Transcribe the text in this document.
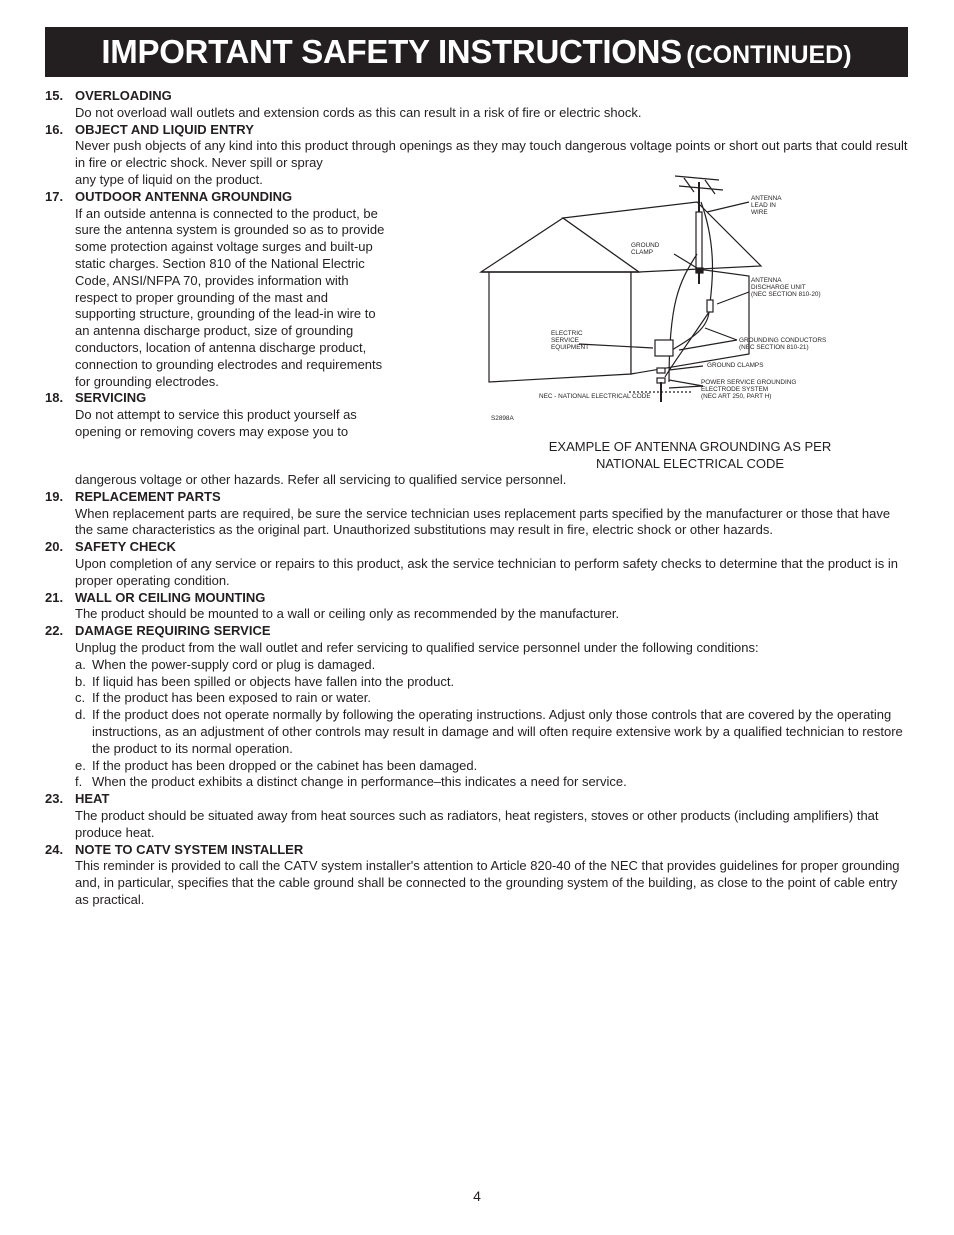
IMPORTANT SAFETY INSTRUCTIONS (CONTINUED)
15. OVERLOADING
Do not overload wall outlets and extension cords as this can result in a risk of fire or electric shock.
16. OBJECT AND LIQUID ENTRY
Never push objects of any kind into this product through openings as they may touch dangerous voltage points or short out parts that could result in fire or electric shock. Never spill or spray
ANTENNA
LEAD IN
WIRE
GROUND
CLAMP
ANTENNA
DISCHARGE UNIT
(NEC SECTION 810-20)
ELECTRIC
SERVICE
EQUIPMENT
GROUNDING CONDUCTORS
(NEC SECTION 810-21)
GROUND CLAMPS
POWER SERVICE GROUNDING
ELECTRODE SYSTEM
(NEC ART 250, PART H)
NEC - NATIONAL ELECTRICAL CODE
S2898A
EXAMPLE OF ANTENNA GROUNDING AS PER
NATIONAL ELECTRICAL CODE
any type of liquid on the product.
17. OUTDOOR ANTENNA GROUNDING
If an outside antenna is connected to the product, be sure the antenna system is grounded so as to provide some protection against voltage surges and built-up static charges. Section 810 of the National Electric Code, ANSI/NFPA 70, provides information with respect to proper grounding of the mast and supporting structure, grounding of the lead-in wire to an antenna discharge product, size of grounding conductors, location of antenna discharge product, connection to grounding electrodes and requirements for grounding electrodes.
18. SERVICING
Do not attempt to service this product yourself as opening or removing covers may expose you to
dangerous voltage or other hazards. Refer all servicing to qualified service personnel.
19. REPLACEMENT PARTS
When replacement parts are required, be sure the service technician uses replacement parts specified by the manufacturer or those that have the same characteristics as the original part. Unauthorized substitutions may result in fire, electric shock or other hazards.
20. SAFETY CHECK
Upon completion of any service or repairs to this product, ask the service technician to perform safety checks to determine that the product is in proper operating condition.
21. WALL OR CEILING MOUNTING
The product should be mounted to a wall or ceiling only as recommended by the manufacturer.
22. DAMAGE REQUIRING SERVICE
Unplug the product from the wall outlet and refer servicing to qualified service personnel under the following conditions:
a. When the power-supply cord or plug is damaged.
b. If liquid has been spilled or objects have fallen into the product.
c. If the product has been exposed to rain or water.
d. If the product does not operate normally by following the operating instructions. Adjust only those controls that are covered by the operating instructions, as an adjustment of other controls may result in damage and will often require extensive work by a qualified technician to restore the product to its normal operation.
e. If the product has been dropped or the cabinet has been damaged.
f. When the product exhibits a distinct change in performance–this indicates a need for service.
23. HEAT
The product should be situated away from heat sources such as radiators, heat registers, stoves or other products (including amplifiers) that produce heat.
24. NOTE TO CATV SYSTEM INSTALLER
This reminder is provided to call the CATV system installer's attention to Article 820-40 of the NEC that provides guidelines for proper grounding and, in particular, specifies that the cable ground shall be connected to the grounding system of the building, as close to the point of cable entry as practical.
4
